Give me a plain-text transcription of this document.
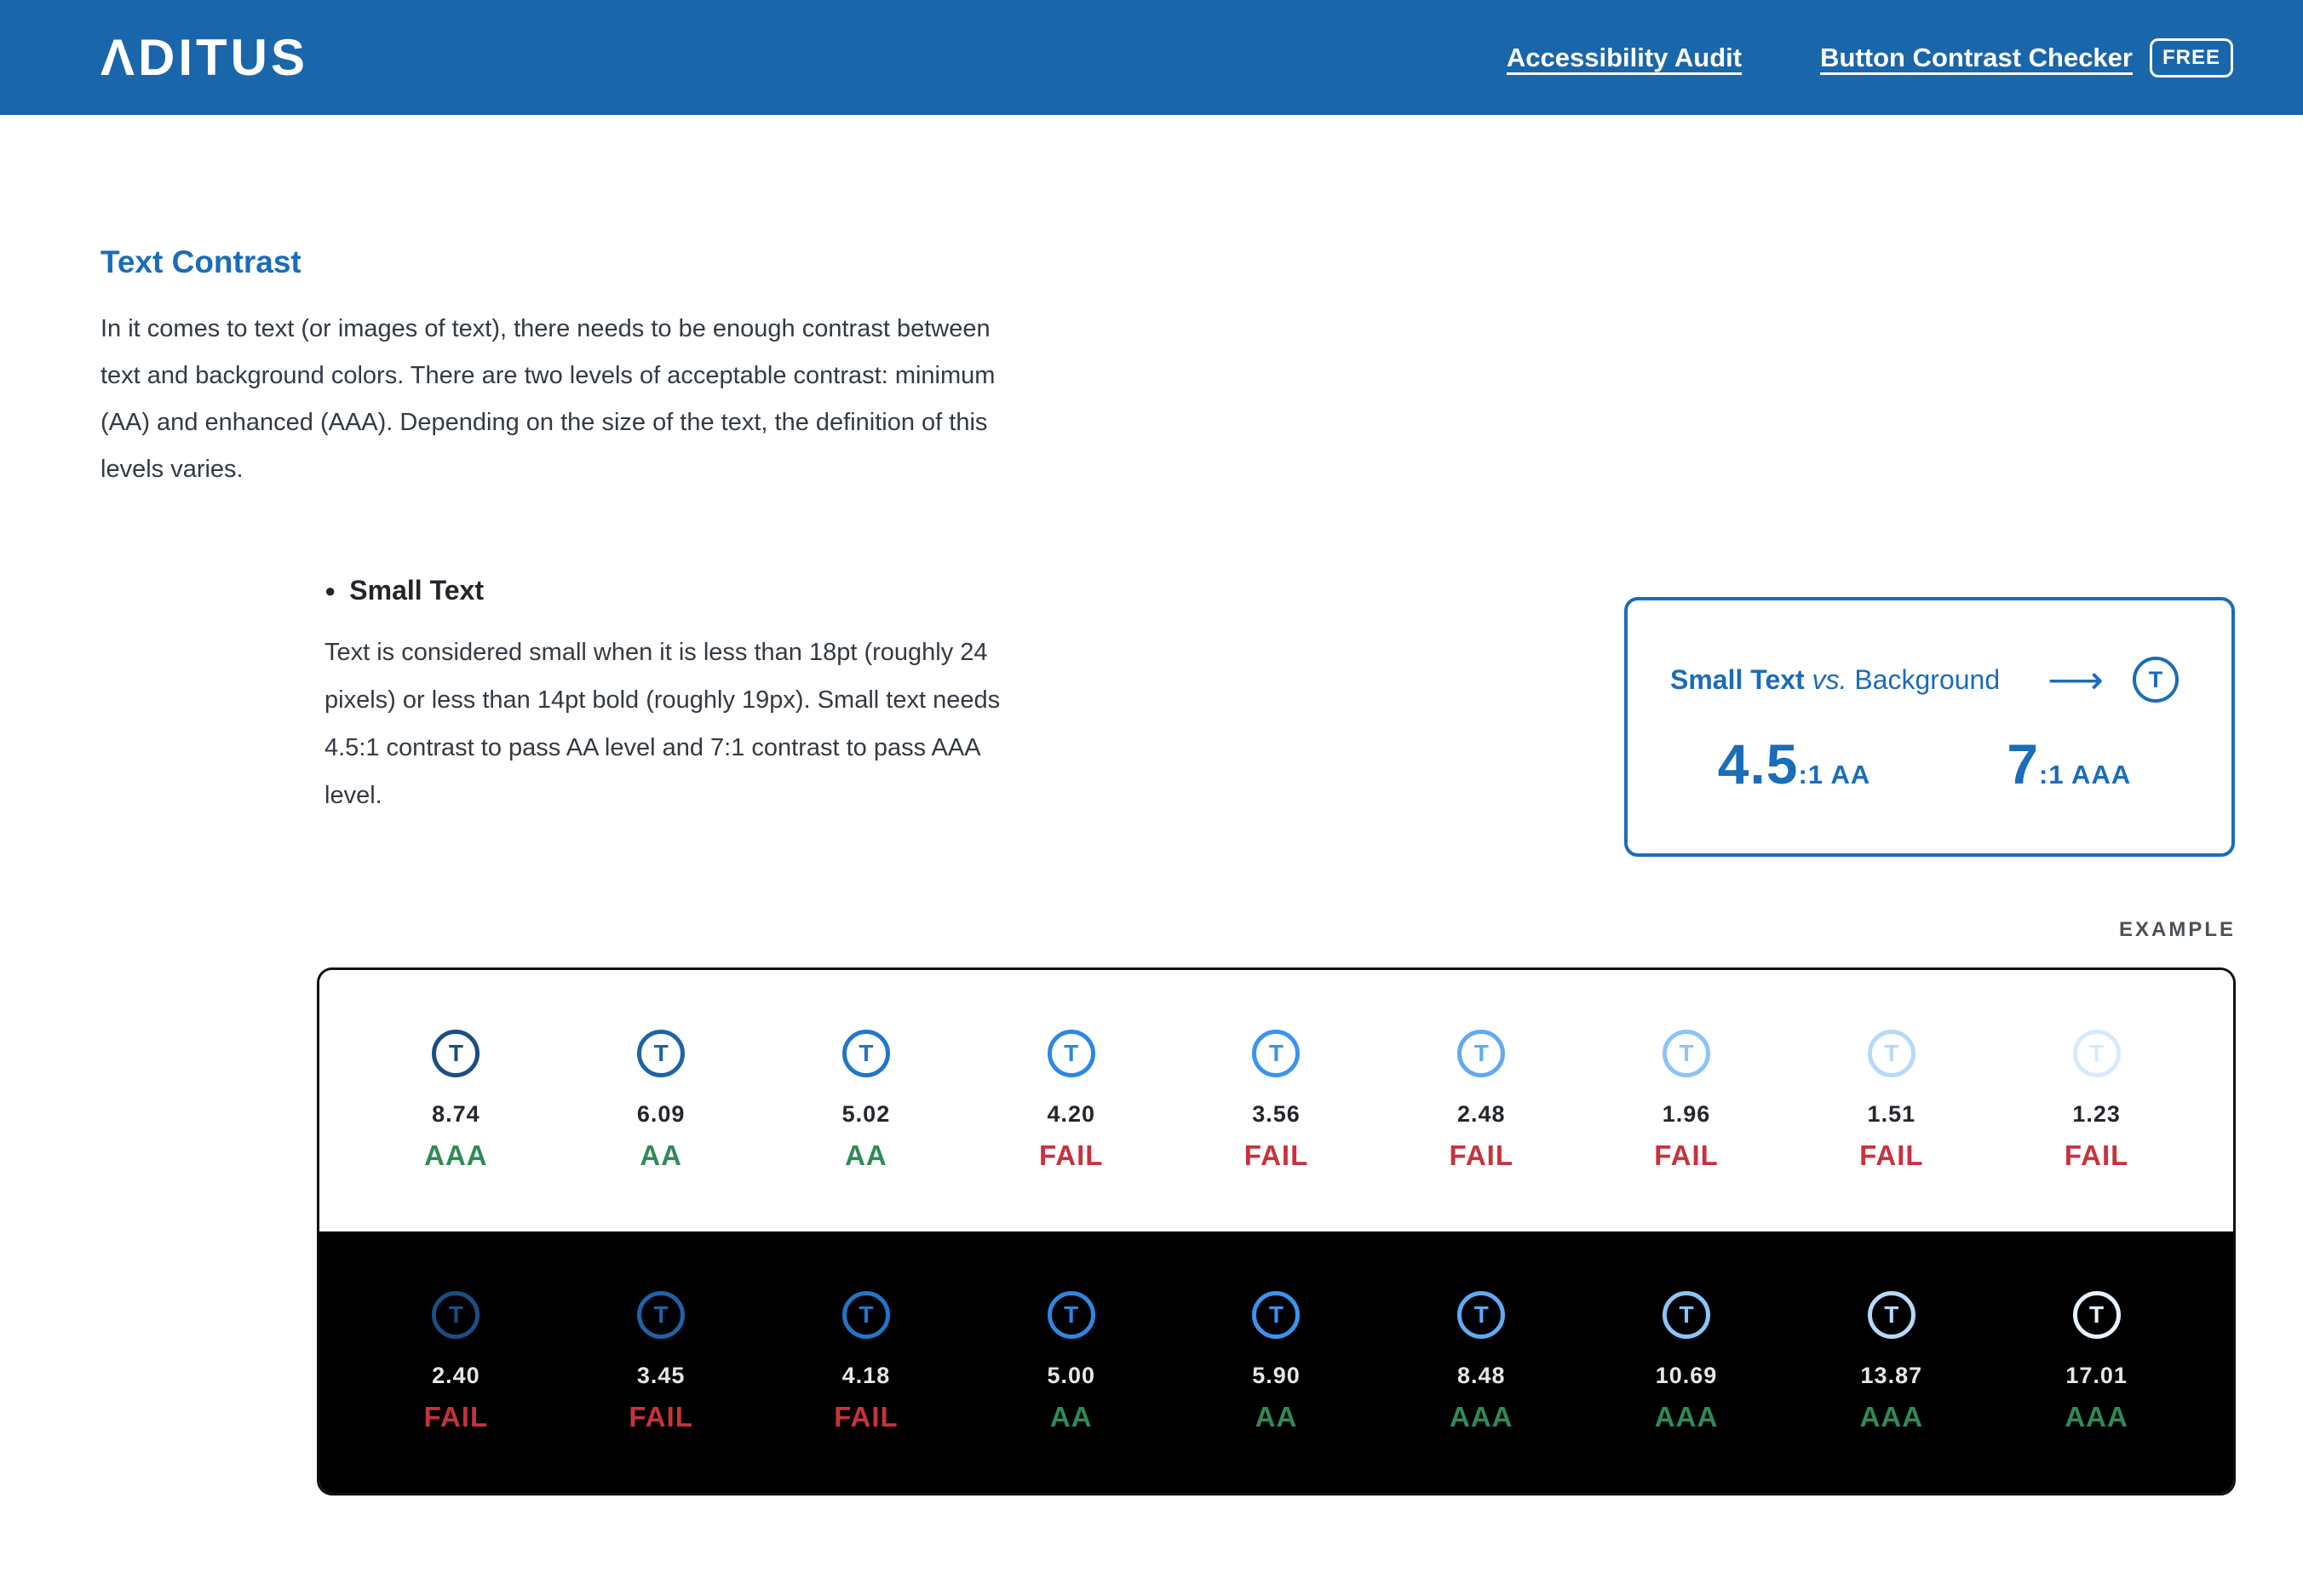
ΛDITUS	Accessibility Audit	Button Contrast Checker	FREE
Text Contrast

In it comes to text (or images of text), there needs to be enough contrast between text and background colors. There are two levels of acceptable contrast: minimum (AA) and enhanced (AAA). Depending on the size of the text, the definition of this levels varies.

● Small Text

Text is considered small when it is less than 18pt (roughly 24 pixels) or less than 14pt bold (roughly 19px). Small text needs 4.5:1 contrast to pass AA level and 7:1 contrast to pass AAA level.

Small Text vs. Background ⟶	T
4.5 :1 AA 7 :1 AAA
EXAMPLE
T
8.74
AAA
T
6.09
AA
T
5.02
AA
T
4.20
FAIL
T
3.56
FAIL
T
2.48
FAIL
T
1.96
FAIL
T
1.51
FAIL
T
1.23
FAIL
T
2.40
FAIL
T
3.45
FAIL
T
4.18
FAIL
T
5.00
AA
T
5.90
AA
T
8.48
AAA
T
10.69
AAA
T
13.87
AAA
T
17.01
AAA
